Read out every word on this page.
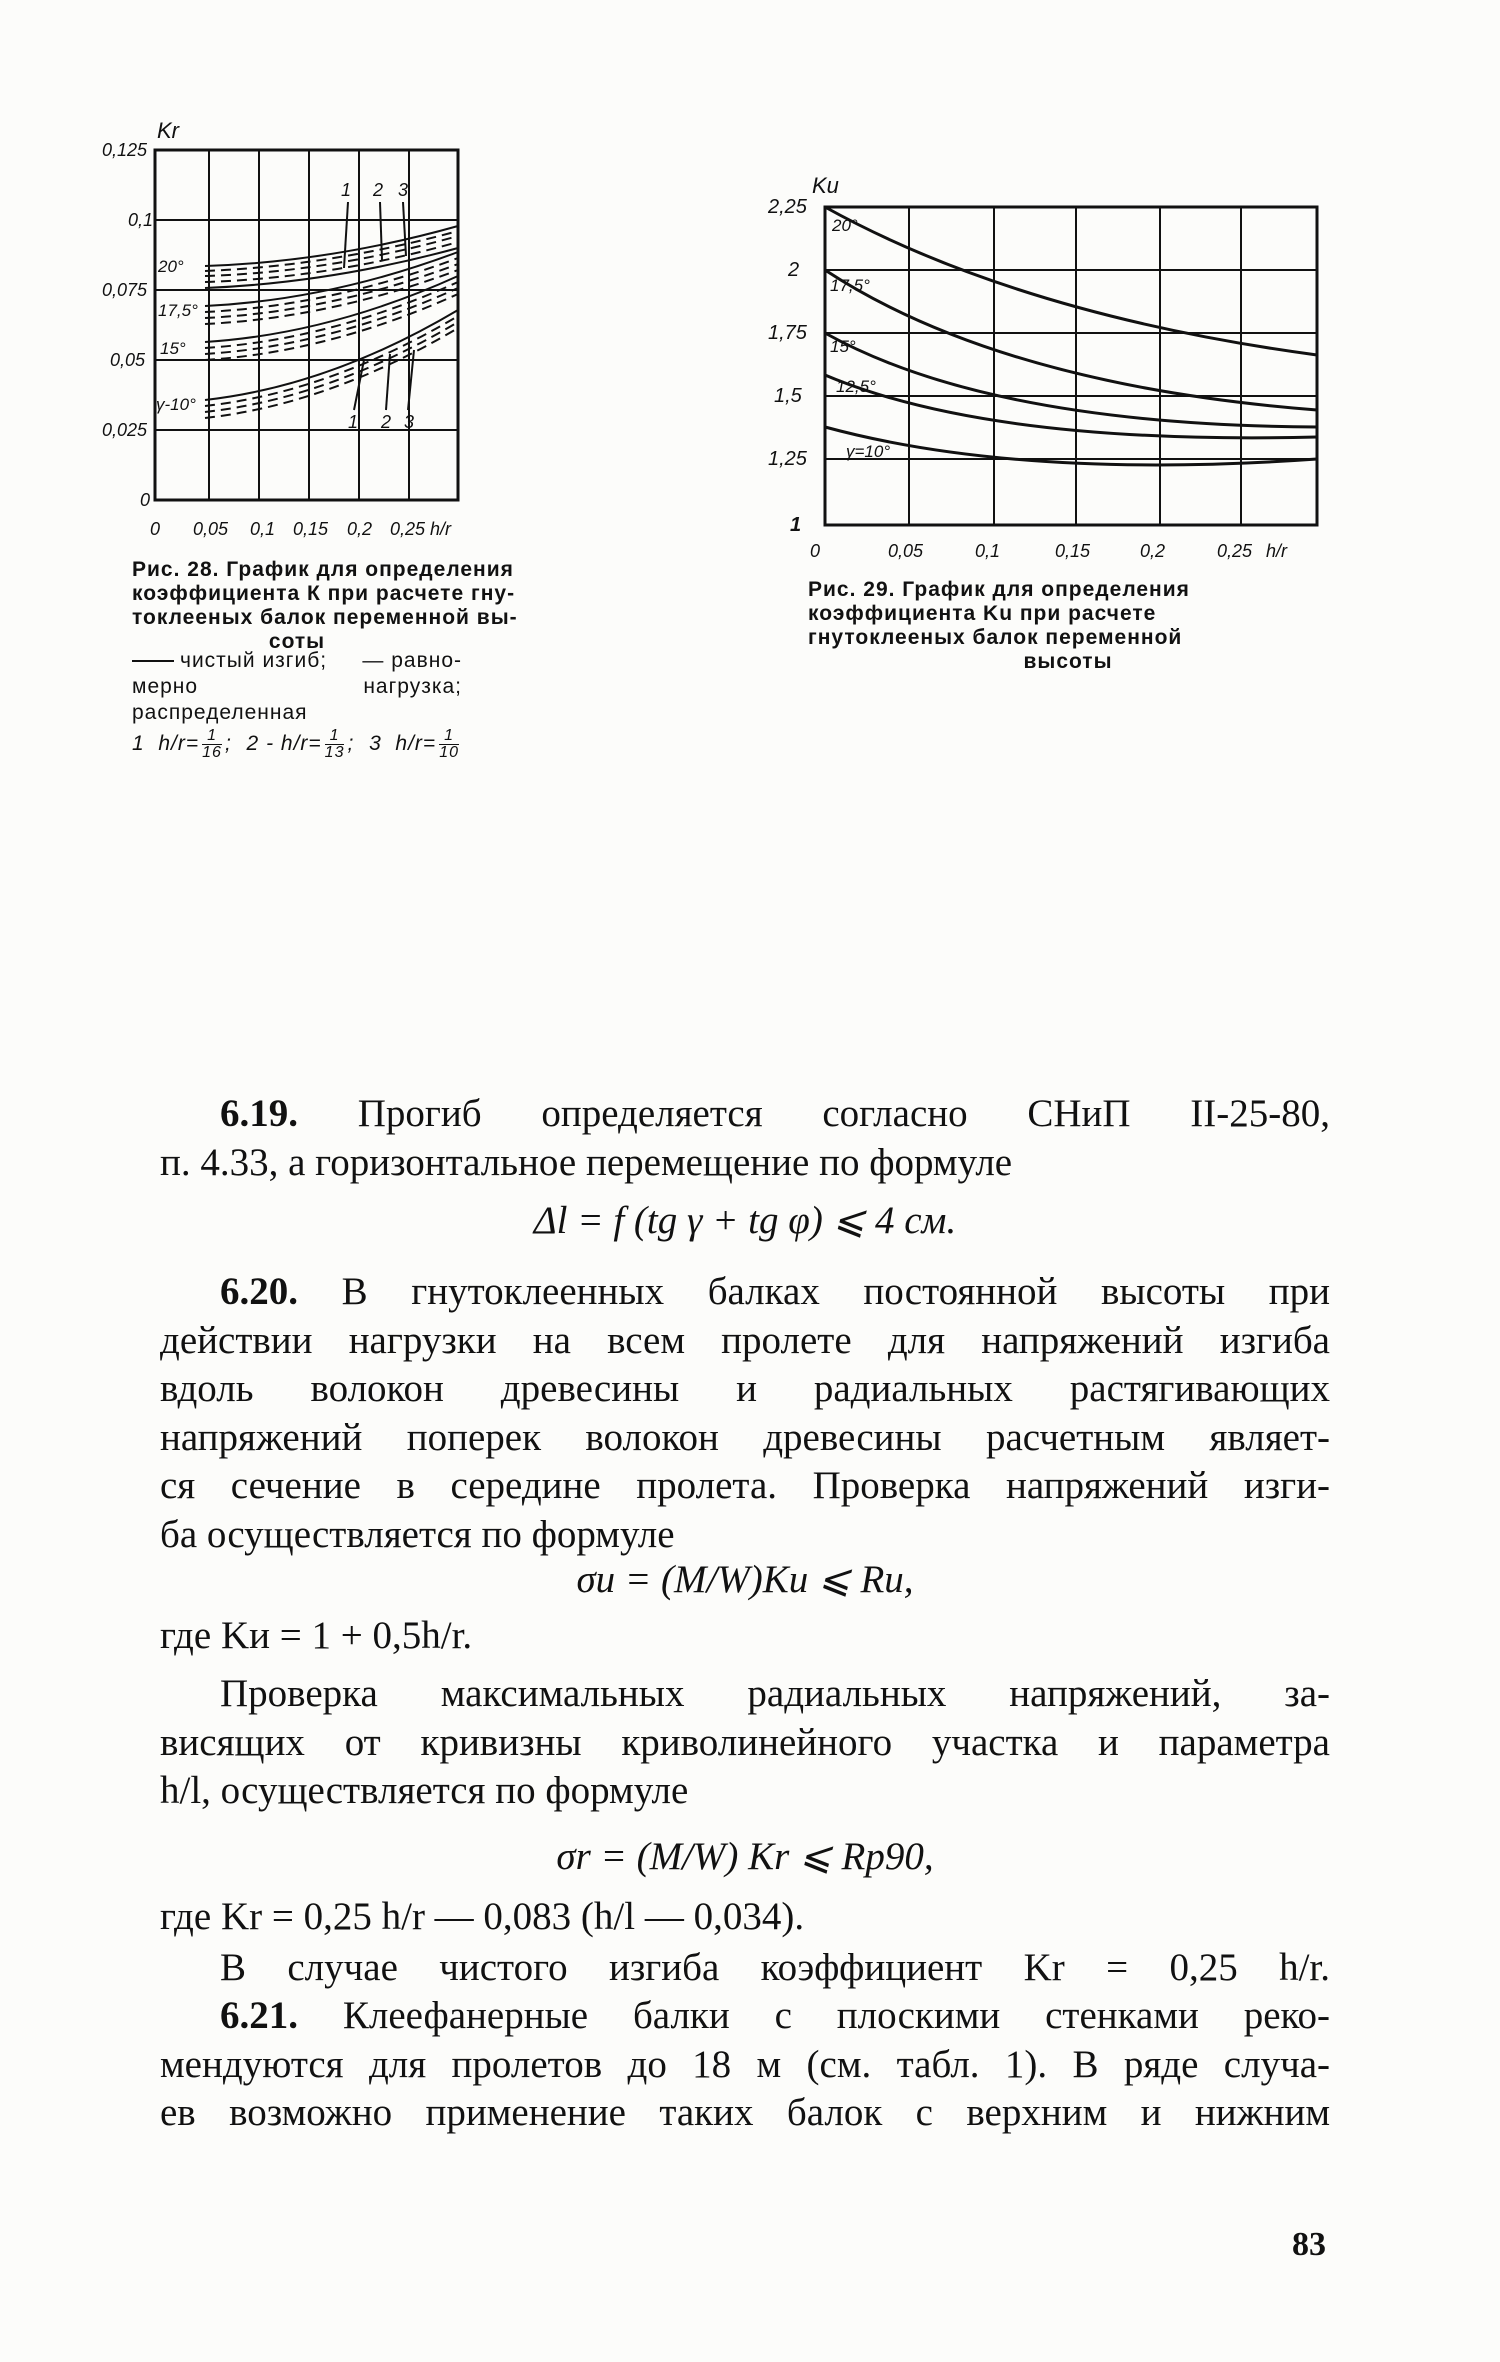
Kr
0,125
0,1
0,075
0,05
0,025
0
0 0,05 0,1 0,15 0,2 0,25 h/r
20°
17,5°
15°
γ-10°
1 2 3
1 2 3
Рис. 28. График для определения
коэффициента К при расчете гну-
токлееных балок переменной вы-
соты
чистый изгиб; — равно-
мерно распределенная
нагрузка;
1 $h/r= \frac{1}{16}$ ; $2 - h/r= \frac{1}{13}$ ; 3 $h/r= \frac{1}{10}$
Ku
2,25
2
1,75
1,5
1,25
1
0	0,05	0,1	0,15	0,2	0,25 h/r
20°
17,5°
15°
12,5°
γ=10°
Рис. 29. График для определения
коэффициента Ku при расчете
гнутоклееных балок переменной
высоты
6.19. Прогиб определяется согласно СНиП II-25-80,
п. 4.33, а горизонтальное перемещение по формуле
Δl = f (tg γ + tg φ) ⩽ 4 см.
6.20. В гнутоклеенных балках постоянной высоты при
действии нагрузки на всем пролете для напряжений изгиба
вдоль волокон древесины и радиальных растягивающих
напряжений поперек волокон древесины расчетным являет-
ся сечение в середине пролета. Проверка напряжений изги-
ба осуществляется по формуле
σи = (M/W)Kи ⩽ Rи,
где Kи = 1 + 0,5h/r.
Проверка максимальных радиальных напряжений, за-
висящих от кривизны криволинейного участка и параметра
h/l, осуществляется по формуле
σr = (M/W) Kr ⩽ Rр90,
где Kr = 0,25 h/r — 0,083 (h/l — 0,034).
В случае чистого изгиба коэффициент Kr = 0,25 h/r.
6.21. Клеефанерные балки с плоскими стенками реко-
мендуются для пролетов до 18 м (см. табл. 1). В ряде случа-
ев возможно применение таких балок с верхним и нижним
83
